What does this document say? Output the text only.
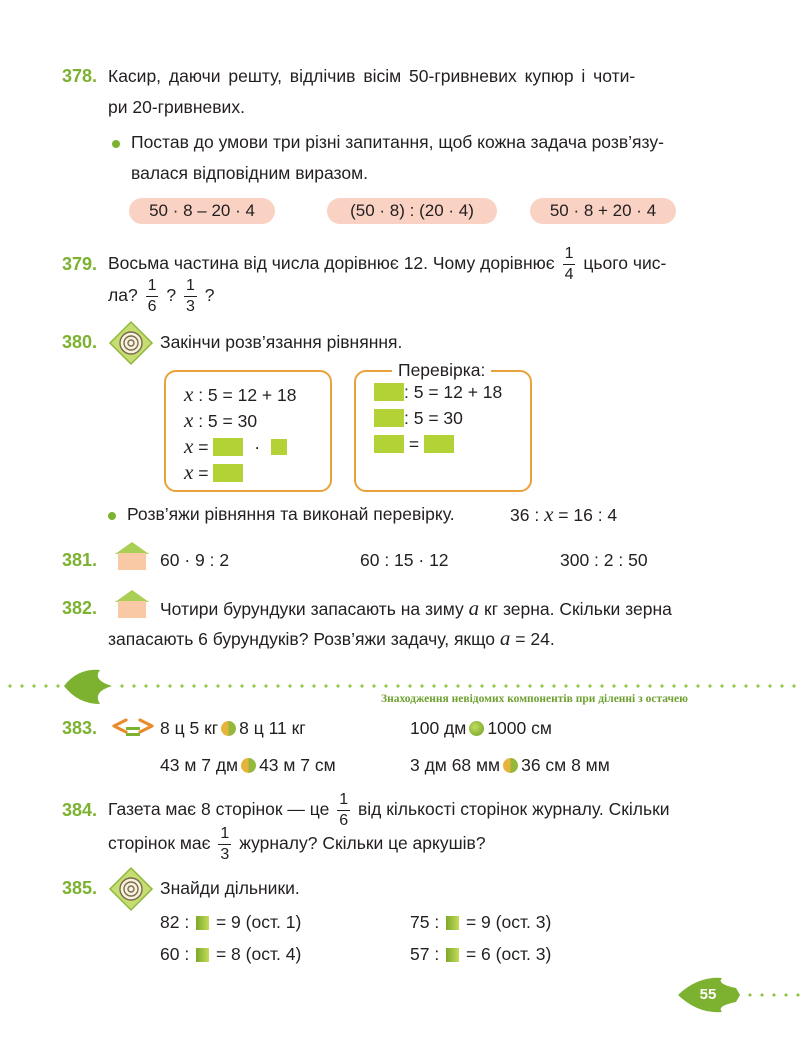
378. Касир, даючи решту, відлічив вісім 50-гривневих купюр і чоти-
ри 20-гривневих.
Постав до умови три різні запитання, щоб кожна задача розв’язу-
валася відповідним виразом.
50 · 8 – 20 · 4	(50 · 8) : (20 · 4)	50 · 8 + 20 · 4
379. Восьма частина від числа дорівнює 12. Чому дорівнює $\frac{1}{4}$ цього чис-
ла? $\frac{1}{6}$ ? $\frac{1}{3}$ ?
380.	Закінчи розв’язання рівняння.
x : 5 = 12 + 18
x : 5 = 30
x =	·
x =
Перевірка:
: 5 = 12 + 18
: 5 = 30
=
Розв’яжи рівняння та виконай перевірку.	36 : x = 16 : 4
381.	60 · 9 : 2	60 : 15 · 12	300 : 2 : 50
382.	Чотири бурундуки запасають на зиму a кг зерна. Скільки зерна
запасають 6 бурундуків? Розв’яжи задачу, якщо a = 24.
Знаходження невідомих компонентів при діленні з остачею
383.	8 ц 5 кг 8 ц 11 кг	100 дм 1000 см
43 м 7 дм 43 м 7 см	3 дм 68 мм 36 см 8 мм
384. Газета має 8 сторінок — це $\frac{1}{6}$ від кількості сторінок журналу. Скільки
сторінок має $\frac{1}{3}$ журналу? Скільки це аркушів?
385.	Знайди дільники.
82 : = 9 (ост. 1)	75 : = 9 (ост. 3)
60 : = 8 (ост. 4)	57 : = 6 (ост. 3)
55
